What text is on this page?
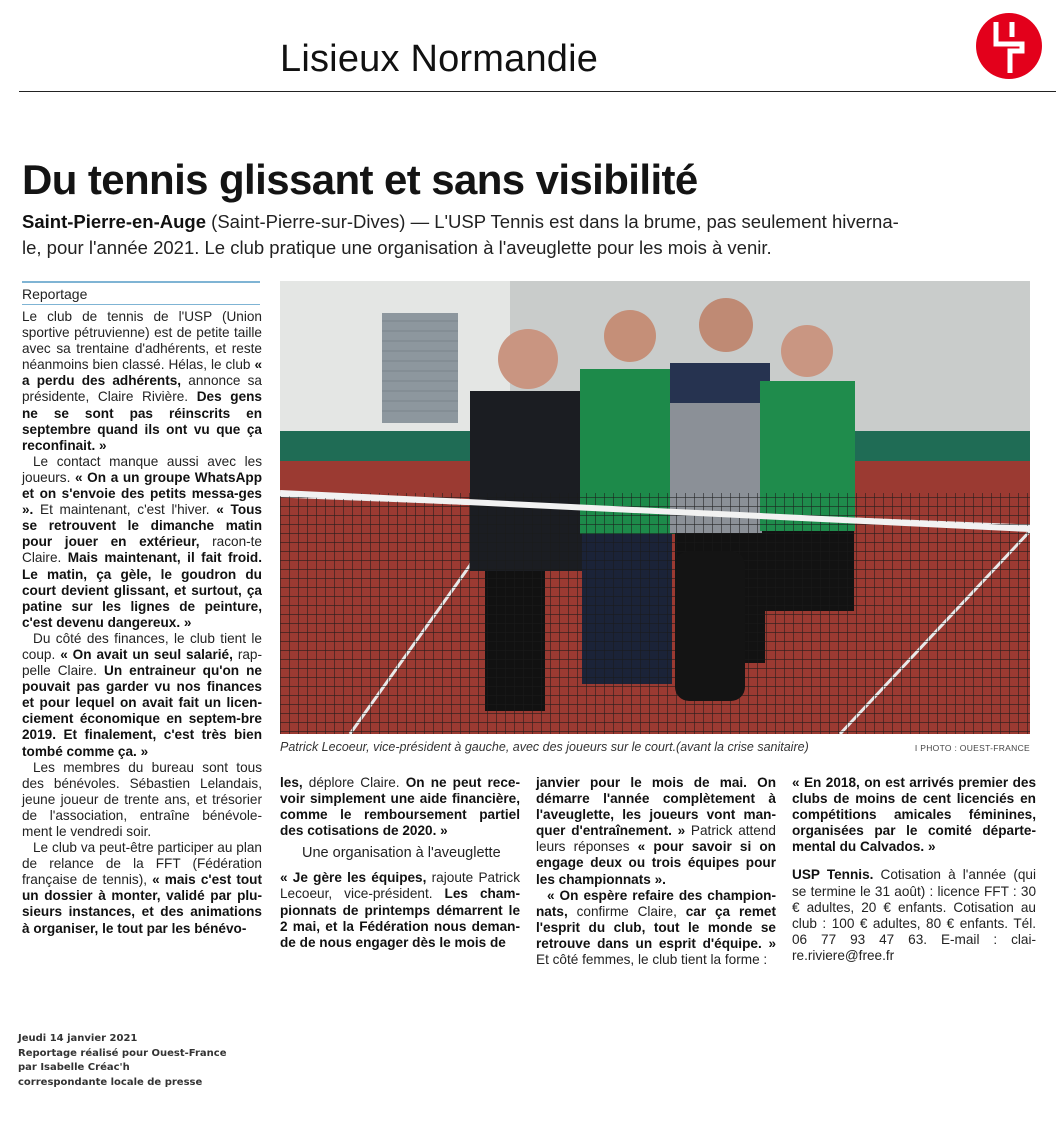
Lisieux Normandie
Du tennis glissant et sans visibilité
Saint-Pierre-en-Auge (Saint-Pierre-sur-Dives) — L'USP Tennis est dans la brume, pas seulement hiverna-le, pour l'année 2021. Le club pratique une organisation à l'aveuglette pour les mois à venir.
Reportage

Le club de tennis de l'USP (Union sportive pétruvienne) est de petite taille avec sa trentaine d'adhérents, et reste néanmoins bien classé. Hélas, le club « a perdu des adhérents, annonce sa présidente, Claire Rivière. Des gens ne se sont pas réinscrits en septembre quand ils ont vu que ça reconfinait. »

Le contact manque aussi avec les joueurs. « On a un groupe WhatsApp et on s'envoie des petits messa-ges ». Et maintenant, c'est l'hiver. « Tous se retrouvent le dimanche matin pour jouer en extérieur, racon-te Claire. Mais maintenant, il fait froid. Le matin, ça gèle, le goudron du court devient glissant, et surtout, ça patine sur les lignes de peinture, c'est devenu dangereux. »

Du côté des finances, le club tient le coup. « On avait un seul salarié, rap-pelle Claire. Un entraineur qu'on ne pouvait pas garder vu nos finances et pour lequel on avait fait un licen-ciement économique en septem-bre 2019. Et finalement, c'est très bien tombé comme ça. »

Les membres du bureau sont tous des bénévoles. Sébastien Lelandais, jeune joueur de trente ans, et trésorier de l'association, entraîne bénévole-ment le vendredi soir.

Le club va peut-être participer au plan de relance de la FFT (Fédération française de tennis), « mais c'est tout un dossier à monter, validé par plu-sieurs instances, et des animations à organiser, le tout par les bénévo-

Patrick Lecoeur, vice-président à gauche, avec des joueurs sur le court.(avant la crise sanitaire)	I PHOTO : OUEST-FRANCE

les, déplore Claire. On ne peut rece-voir simplement une aide financière, comme le remboursement partiel des cotisations de 2020. »

Une organisation à l'aveuglette

« Je gère les équipes, rajoute Patrick Lecoeur, vice-président. Les cham-pionnats de printemps démarrent le 2 mai, et la Fédération nous deman-de de nous engager dès le mois de

janvier pour le mois de mai. On démarre l'année complètement à l'aveuglette, les joueurs vont man-quer d'entraînement. » Patrick attend leurs réponses « pour savoir si on engage deux ou trois équipes pour les championnats ».

« On espère refaire des champion-nats, confirme Claire, car ça remet l'esprit du club, tout le monde se retrouve dans un esprit d'équipe. » Et côté femmes, le club tient la forme :

« En 2018, on est arrivés premier des clubs de moins de cent licenciés en compétitions amicales féminines, organisées par le comité départe-mental du Calvados. »

USP Tennis. Cotisation à l'année (qui se termine le 31 août) : licence FFT : 30 € adultes, 20 € enfants. Cotisation au club : 100 € adultes, 80 € enfants. Tél. 06 77 93 47 63. E-mail : clai-re.riviere@free.fr

Jeudi 14 janvier 2021
Reportage réalisé pour Ouest-France
par Isabelle Créac'h
correspondante locale de presse
